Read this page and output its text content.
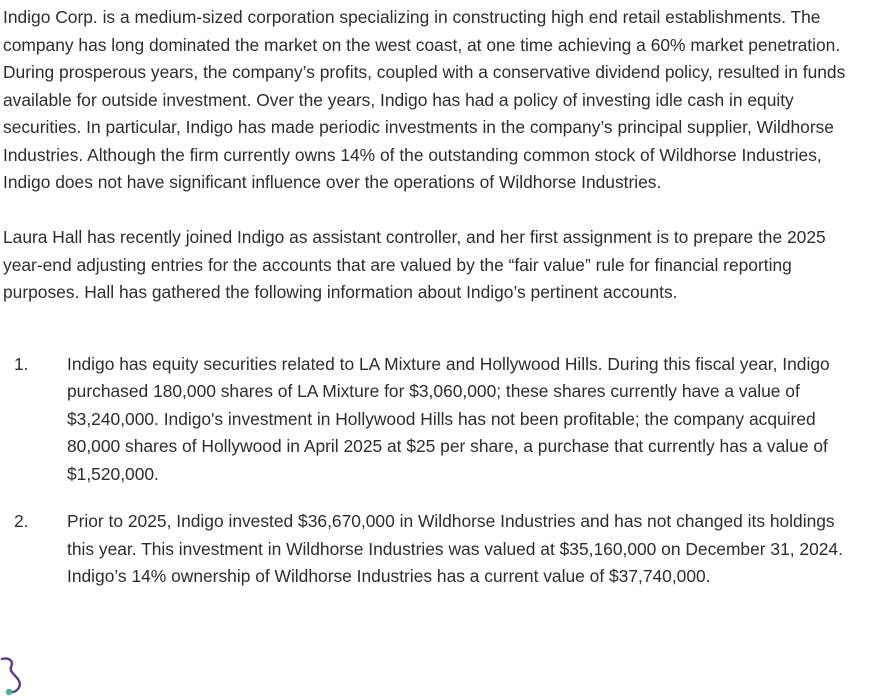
Indigo Corp. is a medium-sized corporation specializing in constructing high end retail establishments. The company has long dominated the market on the west coast, at one time achieving a 60% market penetration. During prosperous years, the company’s profits, coupled with a conservative dividend policy, resulted in funds available for outside investment. Over the years, Indigo has had a policy of investing idle cash in equity securities. In particular, Indigo has made periodic investments in the company’s principal supplier, Wildhorse Industries. Although the firm currently owns 14% of the outstanding common stock of Wildhorse Industries, Indigo does not have significant influence over the operations of Wildhorse Industries.

Laura Hall has recently joined Indigo as assistant controller, and her first assignment is to prepare the 2025 year-end adjusting entries for the accounts that are valued by the “fair value” rule for financial reporting purposes. Hall has gathered the following information about Indigo’s pertinent accounts.

1.	Indigo has equity securities related to LA Mixture and Hollywood Hills. During this fiscal year, Indigo purchased 180,000 shares of LA Mixture for $3,060,000; these shares currently have a value of $3,240,000. Indigo's investment in Hollywood Hills has not been profitable; the company acquired 80,000 shares of Hollywood in April 2025 at $25 per share, a purchase that currently has a value of $1,520,000.
2.	Prior to 2025, Indigo invested $36,670,000 in Wildhorse Industries and has not changed its holdings this year. This investment in Wildhorse Industries was valued at $35,160,000 on December 31, 2024. Indigo’s 14% ownership of Wildhorse Industries has a current value of $37,740,000.
